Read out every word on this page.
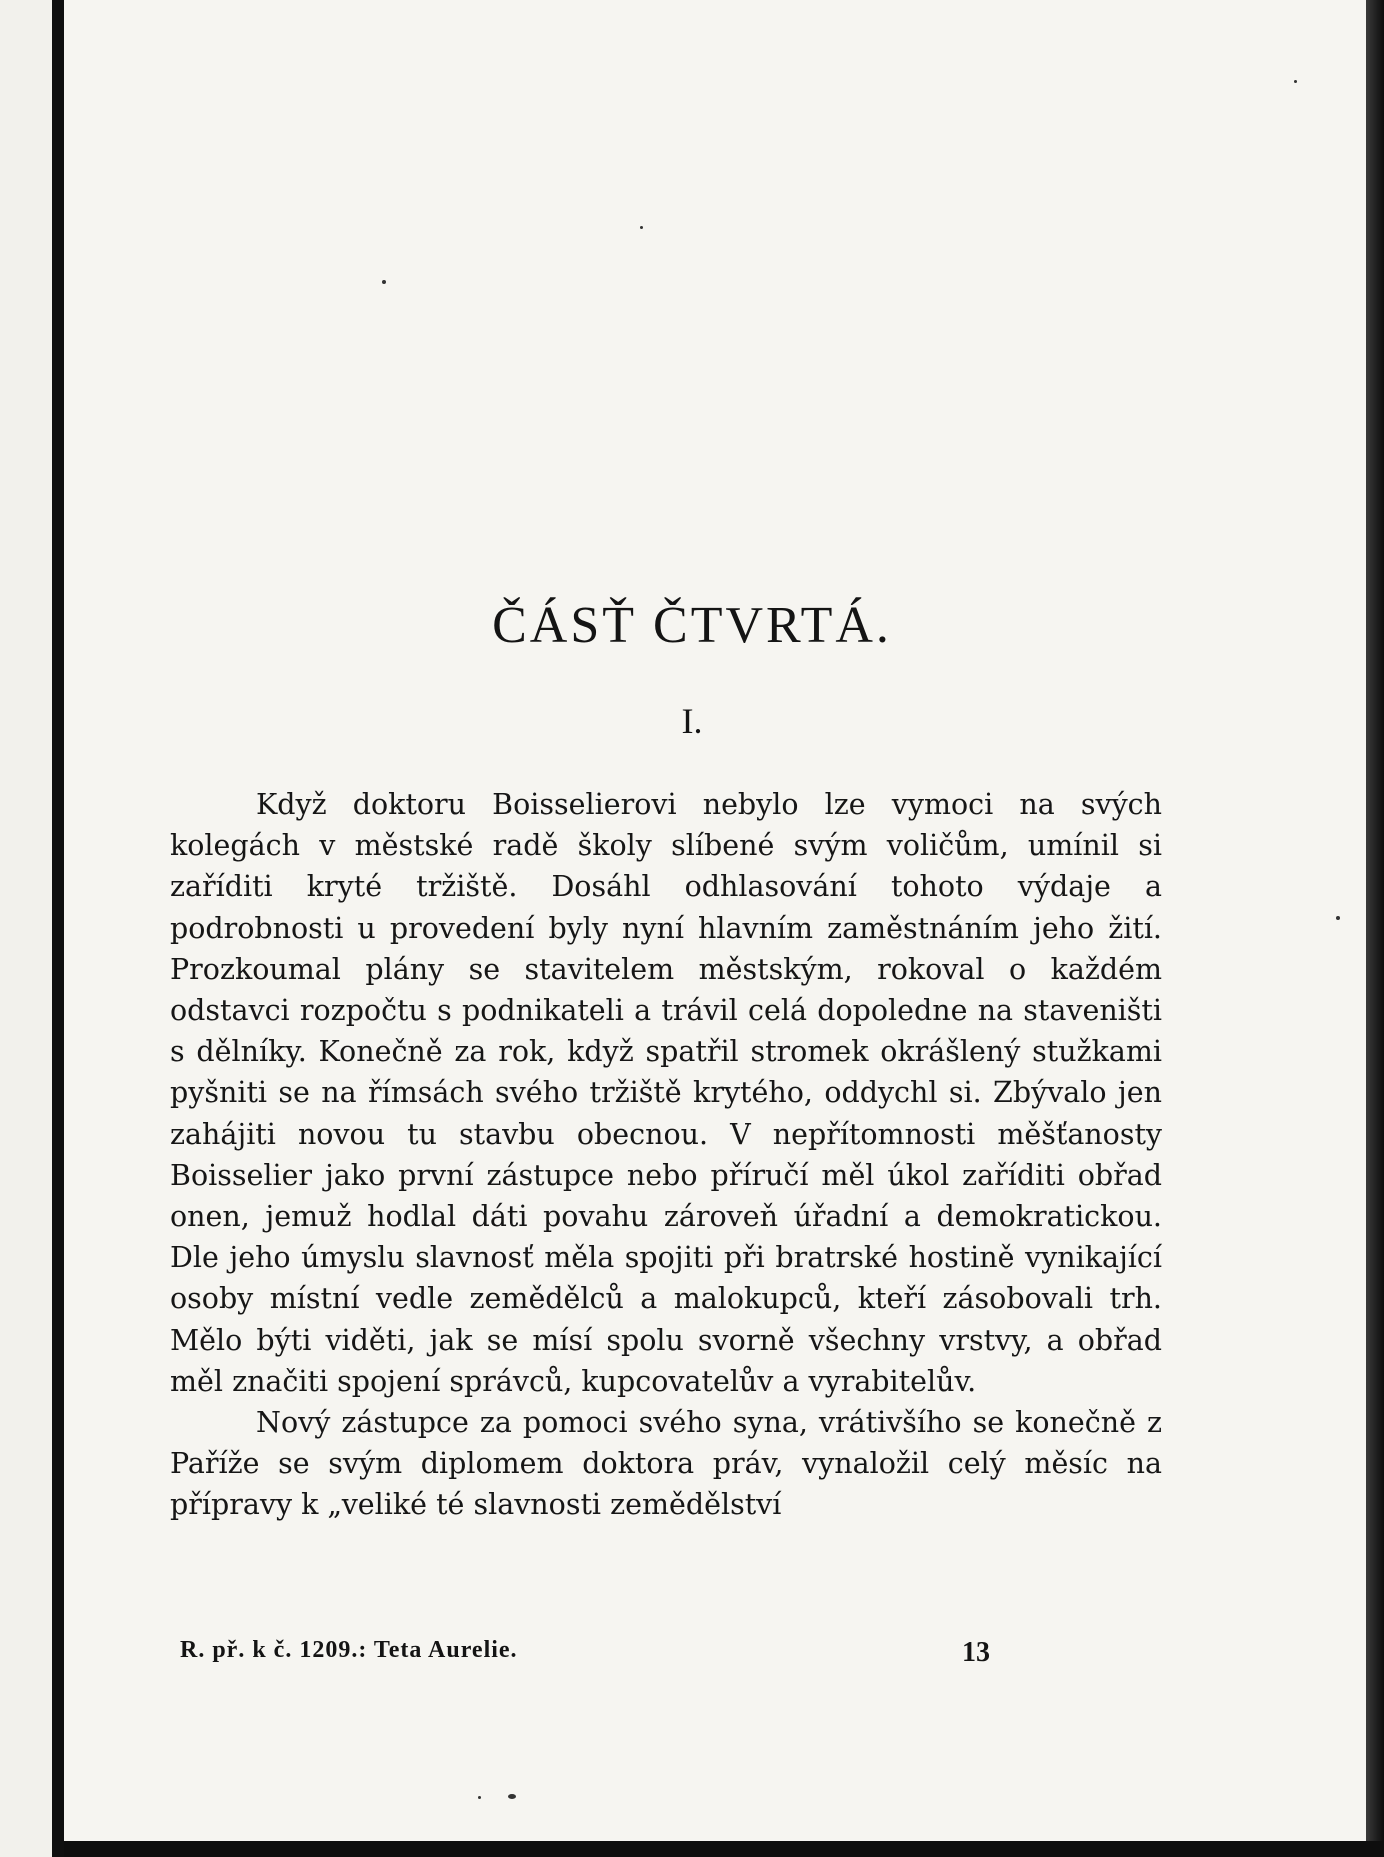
ČÁSŤ ČTVRTÁ.
I.

Když doktoru Boisselierovi nebylo lze vymoci na svých kolegách v městské radě školy slíbené svým voličům, umínil si zaříditi kryté tržiště. Dosáhl odhlasování tohoto výdaje a podrobnosti u provedení byly nyní hlavním zaměstnáním jeho žití. Prozkoumal plány se stavitelem městským, rokoval o každém odstavci rozpočtu s podnikateli a trávil celá dopoledne na staveništi s dělníky. Konečně za rok, když spatřil stromek okrášlený stužkami pyšniti se na římsách svého tržiště krytého, oddychl si. Zbývalo jen zahájiti novou tu stavbu obecnou. V nepřítomnosti měšťanosty Boisselier jako první zástupce nebo příručí měl úkol zaříditi obřad onen, jemuž hodlal dáti povahu zároveň úřadní a demokratickou. Dle jeho úmyslu slavnosť měla spojiti při bratrské hostině vynikající osoby místní vedle zemědělců a malokupců, kteří zásobovali trh. Mělo býti viděti, jak se mísí spolu svorně všechny vrstvy, a obřad měl značiti spojení správců, kupcovatelův a vyrabitelův.

Nový zástupce za pomoci svého syna, vrátivšího se konečně z Paříže se svým diplomem doktora práv, vynaložil celý měsíc na přípravy k „veliké té slavnosti zemědělství

R. př. k č. 1209.: Teta Aurelie.	13
